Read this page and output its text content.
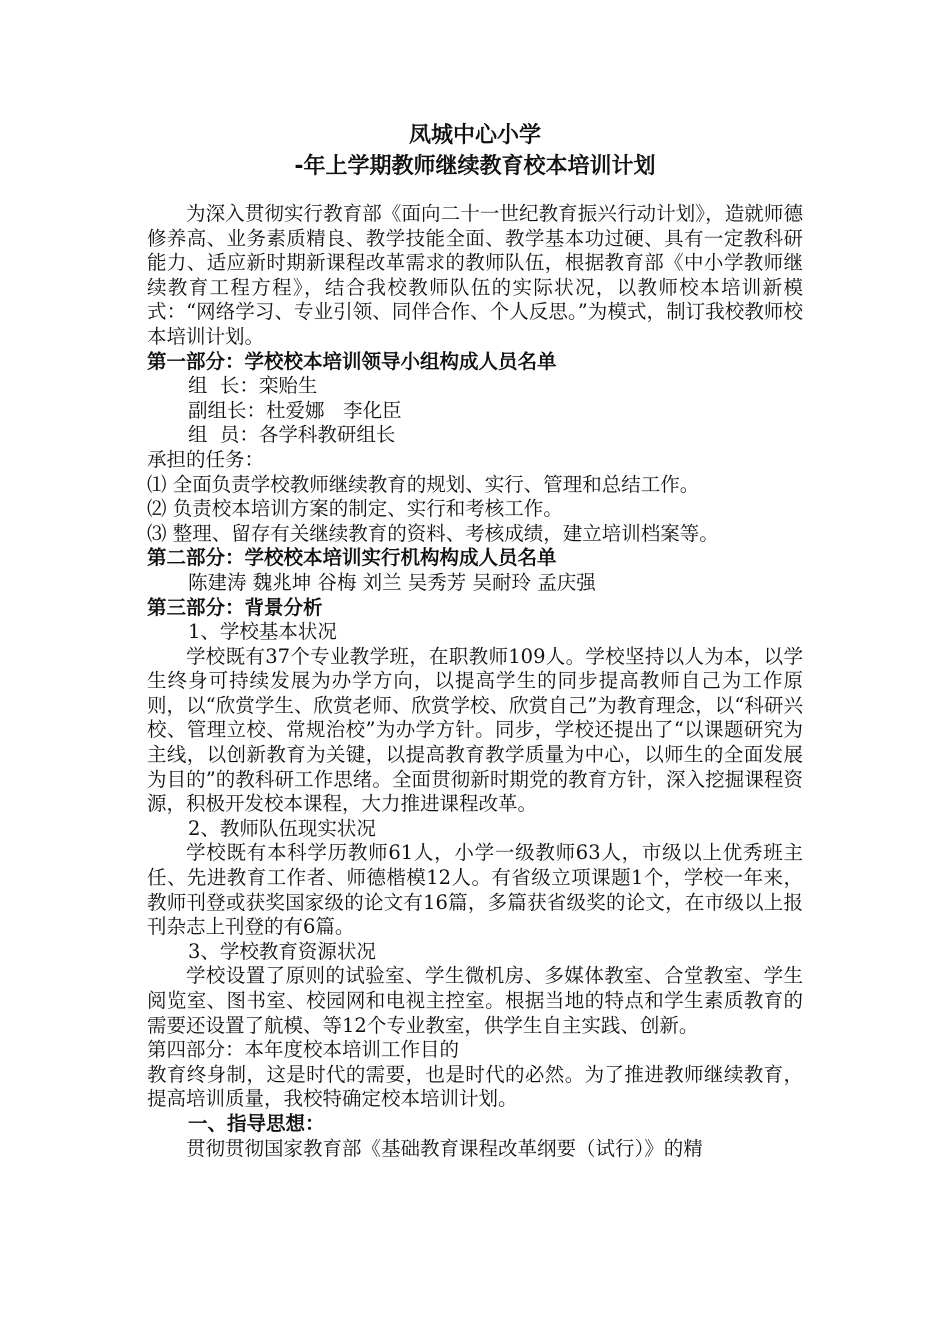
凤城中心小学
-年上学期教师继续教育校本培训计划

为深入贯彻实行教育部《面向二十一世纪教育振兴行动计划》，造就师德修养高、业务素质精良、教学技能全面、教学基本功过硬、具有一定教科研能力、适应新时期新课程改革需求的教师队伍，根据教育部《中小学教师继续教育工程方程》，结合我校教师队伍的实际状况，以教师校本培训新模式：“网络学习、专业引领、同伴合作、个人反思。”为模式，制订我校教师校本培训计划。

第一部分：学校校本培训领导小组构成人员名单

组  长：栾贻生

副组长：杜爱娜   李化臣

组  员：各学科教研组长

承担的任务：

⑴ 全面负责学校教师继续教育的规划、实行、管理和总结工作。

⑵ 负责校本培训方案的制定、实行和考核工作。

⑶ 整理、留存有关继续教育的资料、考核成绩，建立培训档案等。

第二部分：学校校本培训实行机构构成人员名单

陈建涛 魏兆坤 谷梅 刘兰 吴秀芳 吴耐玲 孟庆强

第三部分：背景分析

1、学校基本状况

学校既有37个专业教学班，在职教师109人。学校坚持以人为本，以学生终身可持续发展为办学方向，以提高学生的同步提高教师自己为工作原则，以“欣赏学生、欣赏老师、欣赏学校、欣赏自己”为教育理念，以“科研兴校、管理立校、常规治校”为办学方针。同步，学校还提出了“以课题研究为主线，以创新教育为关键，以提高教育教学质量为中心，以师生的全面发展为目的”的教科研工作思绪。全面贯彻新时期党的教育方针，深入挖掘课程资源，积极开发校本课程，大力推进课程改革。

2、教师队伍现实状况

学校既有本科学历教师61人，小学一级教师63人，市级以上优秀班主任、先进教育工作者、师德楷模12人。有省级立项课题1个，学校一年来，教师刊登或获奖国家级的论文有16篇，多篇获省级奖的论文，在市级以上报刊杂志上刊登的有6篇。

3、学校教育资源状况

学校设置了原则的试验室、学生微机房、多媒体教室、合堂教室、学生阅览室、图书室、校园网和电视主控室。根据当地的特点和学生素质教育的需要还设置了航模、等12个专业教室，供学生自主实践、创新。

第四部分：本年度校本培训工作目的

教育终身制，这是时代的需要，也是时代的必然。为了推进教师继续教育，提高培训质量，我校特确定校本培训计划。

一、指导思想：

贯彻贯彻国家教育部《基础教育课程改革纲要（试行）》的精
